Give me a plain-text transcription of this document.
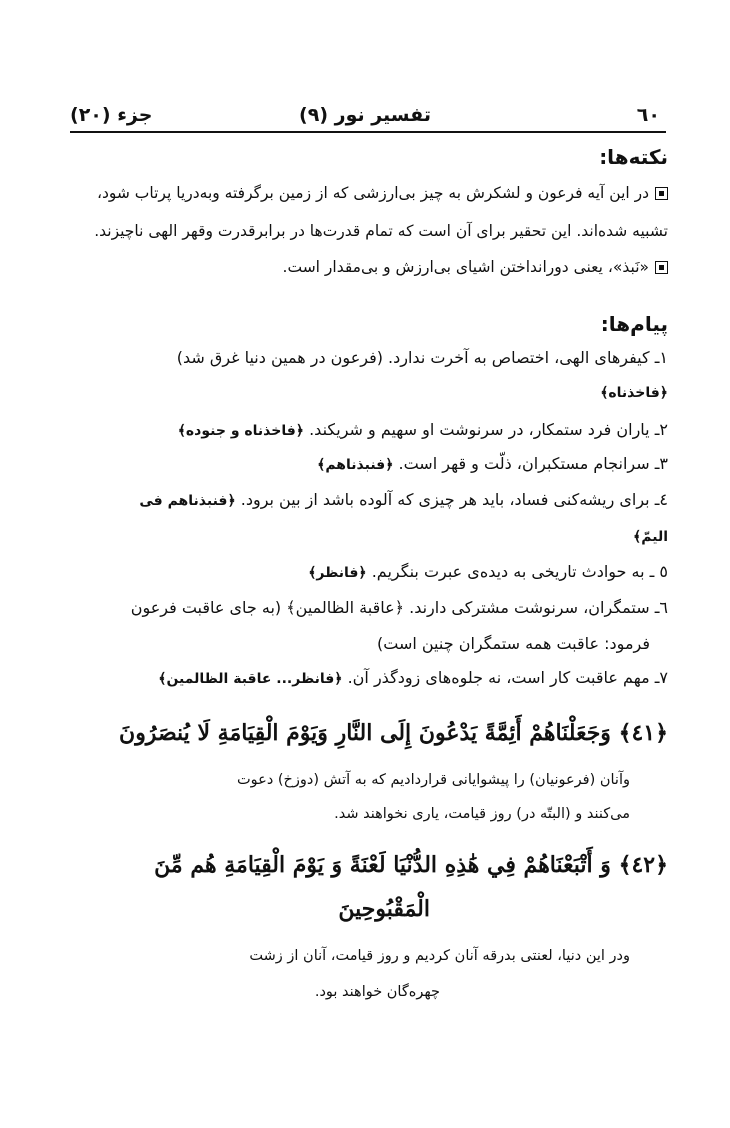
٦٠
تفسیر نور (٩)
جزء (٢٠)
نکته‌ها:
در این آیه فرعون و لشکرش به چیز بی‌ارزشی که از زمین برگرفته وبه‌دریا پرتاب شود،
تشبیه شده‌اند. این تحقیر برای آن است که تمام قدرت‌ها در برابرقدرت وقهر الهی ناچیزند.
«نَبذ»، یعنی دورانداختن اشیای بی‌ارزش و بی‌مقدار است.
پیام‌ها:
۱ـ کیفرهای الهی، اختصاص به آخرت ندارد. (فرعون در همین دنیا غرق شد)
﴿فاخذناه﴾
۲ـ یاران فرد ستمکار، در سرنوشت او سهیم و شریکند. ﴿فاخذناه و جنوده﴾
۳ـ سرانجام مستکبران، ذلّت و قهر است. ﴿فنبذناهم﴾
٤ـ برای ریشه‌کنی فساد، باید هر چیزی که آلوده باشد از بین برود. ﴿فنبذناهم فی
الیمّ﴾
٥ ـ به حوادث تاریخی به دیده‌ی عبرت بنگریم. ﴿فانظر﴾
٦ـ ستمگران، سرنوشت مشترکی دارند. ﴿عاقبة الظالمین﴾ (به جای عاقبت فرعون
فرمود: عاقبت همه ستمگران چنین است)
۷ـ مهم عاقبت کار است، نه جلوه‌های زودگذر آن. ﴿فانظر... عاقبة الظالمین﴾
﴿٤١﴾ وَجَعَلْنَاهُمْ أَئِمَّةً يَدْعُونَ إِلَى النَّارِ وَيَوْمَ الْقِيَامَةِ لَا يُنصَرُونَ
وآنان (فرعونیان) را پیشوایانی قرارداديم كه به آتش (دوزخ) دعوت
می‌كنند و (البتّه در) روز قیامت، یاری نخواهند شد.
﴿٤٢﴾ وَ أَتْبَعْنَاهُمْ فِي هَٰذِهِ الدُّنْيَا لَعْنَةً وَ يَوْمَ الْقِيَامَةِ هُم مِّنَ
الْمَقْبُوحِينَ
ودر این دنیا، لعنتی بدرقه آنان كرديم و روز قیامت، آنان از زشت
چهره‌گان خواهند بود.
